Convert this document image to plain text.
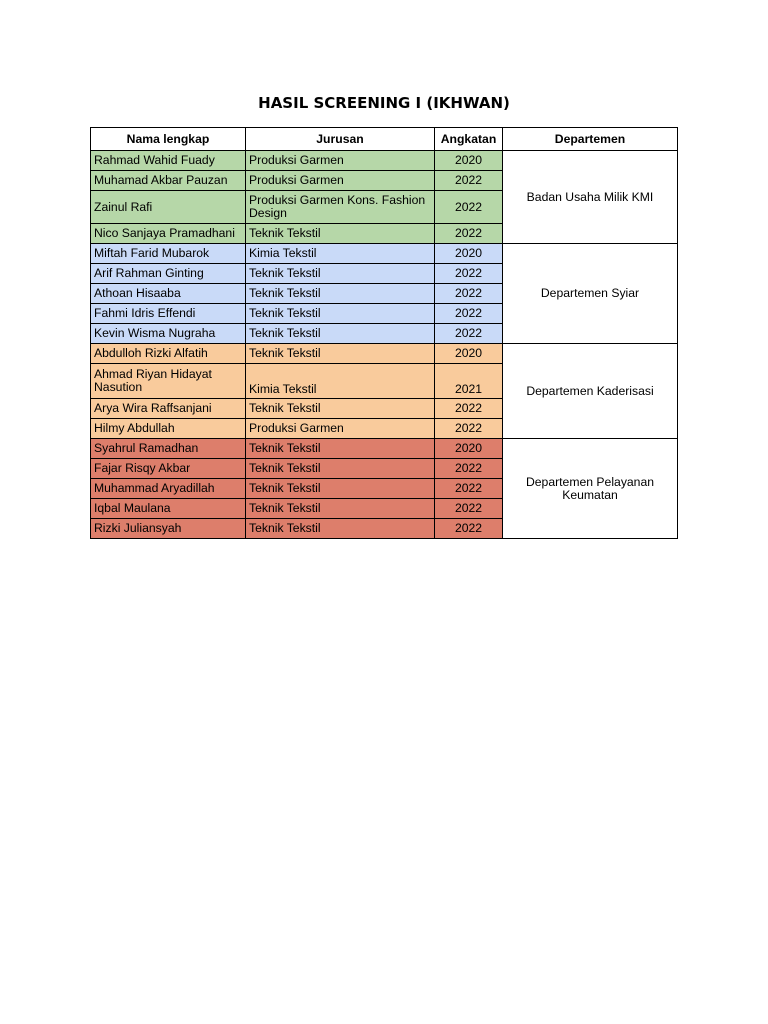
HASIL SCREENING I (IKHWAN)
Nama lengkap	Jurusan	Angkatan	Departemen
Rahmad Wahid Fuady	Produksi Garmen	2020	Badan Usaha Milik KMI
Muhamad Akbar Pauzan	Produksi Garmen	2022	
Zainul Rafi	Produksi Garmen Kons. Fashion Design	2022	
Nico Sanjaya Pramadhani	Teknik Tekstil	2022	
Miftah Farid Mubarok	Kimia Tekstil	2020	Departemen Syiar
Arif Rahman Ginting	Teknik Tekstil	2022	
Athoan Hisaaba	Teknik Tekstil	2022	
Fahmi Idris Effendi	Teknik Tekstil	2022	
Kevin Wisma Nugraha	Teknik Tekstil	2022	
Abdulloh Rizki Alfatih	Teknik Tekstil	2020	Departemen Kaderisasi
Ahmad Riyan Hidayat Nasution	Kimia Tekstil	2021	
Arya Wira Raffsanjani	Teknik Tekstil	2022	
Hilmy Abdullah	Produksi Garmen	2022	
Syahrul Ramadhan	Teknik Tekstil	2020	Departemen Pelayanan Keumatan
Fajar Risqy Akbar	Teknik Tekstil	2022	
Muhammad Aryadillah	Teknik Tekstil	2022	
Iqbal Maulana	Teknik Tekstil	2022	
Rizki Juliansyah	Teknik Tekstil	2022	
